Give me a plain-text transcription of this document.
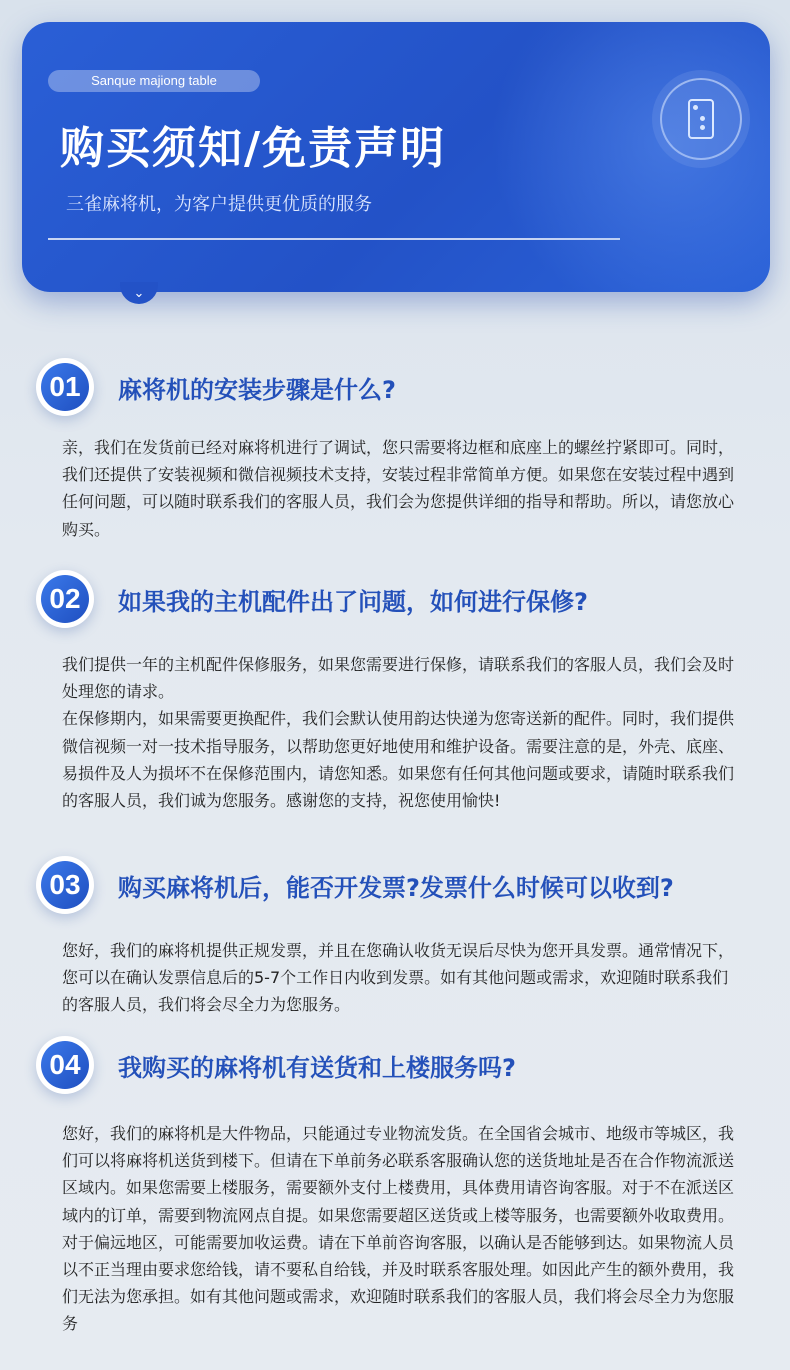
Sanque majiong table
购买须知/免责声明
三雀麻将机，为客户提供更优质的服务
⌄
01	麻将机的安装步骤是什么?

亲，我们在发货前已经对麻将机进行了调试，您只需要将边框和底座上的螺丝拧紧即可。同时，我们还提供了安装视频和微信视频技术支持，安装过程非常简单方便。如果您在安装过程中遇到任何问题，可以随时联系我们的客服人员，我们会为您提供详细的指导和帮助。所以，请您放心购买。

02	如果我的主机配件出了问题，如何进行保修?

我们提供一年的主机配件保修服务，如果您需要进行保修，请联系我们的客服人员，我们会及时处理您的请求。

在保修期内，如果需要更换配件，我们会默认使用韵达快递为您寄送新的配件。同时，我们提供微信视频一对一技术指导服务，以帮助您更好地使用和维护设备。需要注意的是，外壳、底座、易损件及人为损坏不在保修范围内，请您知悉。如果您有任何其他问题或要求，请随时联系我们的客服人员，我们诚为您服务。感谢您的支持，祝您使用愉快!

03	购买麻将机后，能否开发票?发票什么时候可以收到?

您好，我们的麻将机提供正规发票，并且在您确认收货无误后尽快为您开具发票。通常情况下，您可以在确认发票信息后的5-7个工作日内收到发票。如有其他问题或需求，欢迎随时联系我们的客服人员，我们将会尽全力为您服务。

04	我购买的麻将机有送货和上楼服务吗?

您好，我们的麻将机是大件物品，只能通过专业物流发货。在全国省会城市、地级市等城区，我们可以将麻将机送货到楼下。但请在下单前务必联系客服确认您的送货地址是否在合作物流派送区域内。如果您需要上楼服务，需要额外支付上楼费用，具体费用请咨询客服。对于不在派送区域内的订单，需要到物流网点自提。如果您需要超区送货或上楼等服务，也需要额外收取费用。对于偏远地区，可能需要加收运费。请在下单前咨询客服，以确认是否能够到达。如果物流人员以不正当理由要求您给钱，请不要私自给钱，并及时联系客服处理。如因此产生的额外费用，我们无法为您承担。如有其他问题或需求，欢迎随时联系我们的客服人员，我们将会尽全力为您服务
